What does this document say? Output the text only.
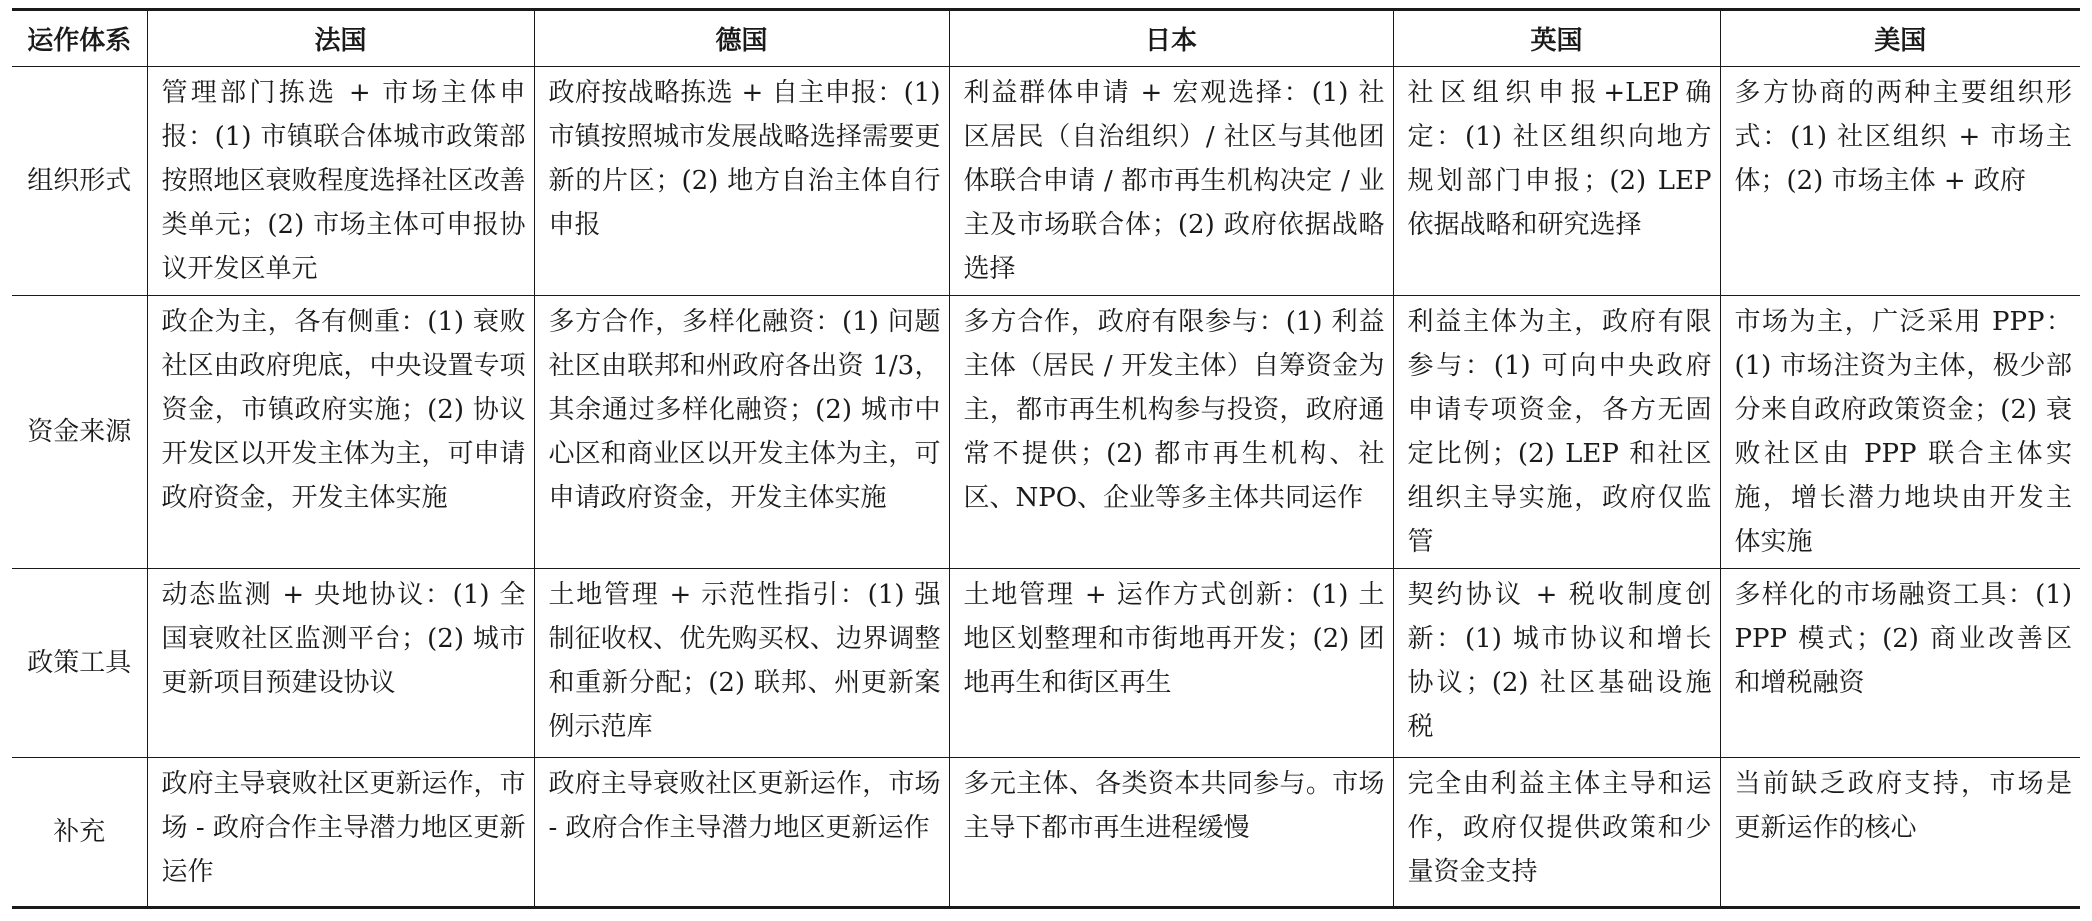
运作体系	法国	德国	日本	英国	美国
组织形式	管理部门拣选 + 市场主体申报：(1) 市镇联合体城市政策部按照地区衰败程度选择社区改善类单元；(2) 市场主体可申报协议开发区单元	政府按战略拣选 + 自主申报：(1) 市镇按照城市发展战略选择需要更新的片区；(2) 地方自治主体自行申报	利益群体申请 + 宏观选择：(1) 社区居民（自治组织）/ 社区与其他团体联合申请 / 都市再生机构决定 / 业主及市场联合体；(2) 政府依据战略选择	社区组织申报+LEP确定：(1) 社区组织向地方规划部门申报；(2) LEP 依据战略和研究选择	多方协商的两种主要组织形式：(1) 社区组织 + 市场主体；(2) 市场主体 + 政府
资金来源	政企为主，各有侧重：(1) 衰败社区由政府兜底，中央设置专项资金，市镇政府实施；(2) 协议开发区以开发主体为主，可申请政府资金，开发主体实施	多方合作，多样化融资：(1) 问题社区由联邦和州政府各出资 1/3，其余通过多样化融资；(2) 城市中心区和商业区以开发主体为主，可申请政府资金，开发主体实施	多方合作，政府有限参与：(1) 利益主体（居民 / 开发主体）自筹资金为主，都市再生机构参与投资，政府通常不提供；(2) 都市再生机构、社区、NPO、企业等多主体共同运作	利益主体为主，政府有限参与：(1) 可向中央政府申请专项资金，各方无固定比例；(2) LEP 和社区组织主导实施，政府仅监管	市场为主，广泛采用 PPP：(1) 市场注资为主体，极少部分来自政府政策资金；(2) 衰败社区由 PPP 联合主体实施，增长潜力地块由开发主体实施
政策工具	动态监测 + 央地协议：(1) 全国衰败社区监测平台；(2) 城市更新项目预建设协议	土地管理 + 示范性指引：(1) 强制征收权、优先购买权、边界调整和重新分配；(2) 联邦、州更新案例示范库	土地管理 + 运作方式创新：(1) 土地区划整理和市街地再开发；(2) 团地再生和街区再生	契约协议 + 税收制度创新：(1) 城市协议和增长协议；(2) 社区基础设施税	多样化的市场融资工具：(1) PPP 模式；(2) 商业改善区和增税融资
补充	政府主导衰败社区更新运作，市场 - 政府合作主导潜力地区更新运作	政府主导衰败社区更新运作，市场 - 政府合作主导潜力地区更新运作	多元主体、各类资本共同参与。市场主导下都市再生进程缓慢	完全由利益主体主导和运作，政府仅提供政策和少量资金支持	当前缺乏政府支持，市场是更新运作的核心
